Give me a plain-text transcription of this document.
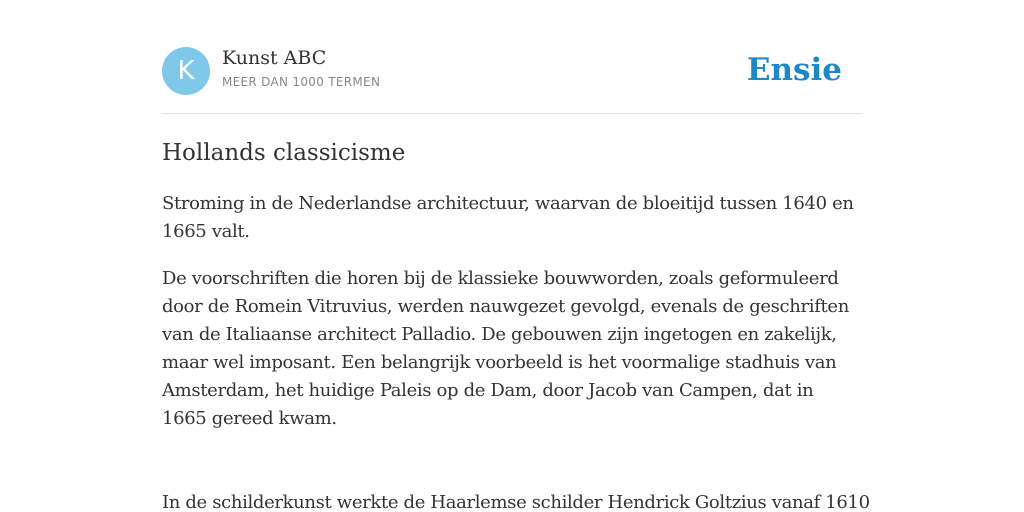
K	Kunst ABC
MEER DAN 1000 TERMEN	Ensie
Hollands classicisme

Stroming in de Nederlandse architectuur, waarvan de bloeitijd tussen 1640 en 1665 valt.

De voorschriften die horen bij de klassieke bouwworden, zoals geformuleerd door de Romein Vitruvius, werden nauwgezet gevolgd, evenals de geschriften van de Italiaanse architect Palladio. De gebouwen zijn ingetogen en zakelijk, maar wel imposant. Een belangrijk voorbeeld is het voormalige stadhuis van Amsterdam, het huidige Paleis op de Dam, door Jacob van Campen, dat in 1665 gereed kwam.

In de schilderkunst werkte de Haarlemse schilder Hendrick Goltzius vanaf 1610
